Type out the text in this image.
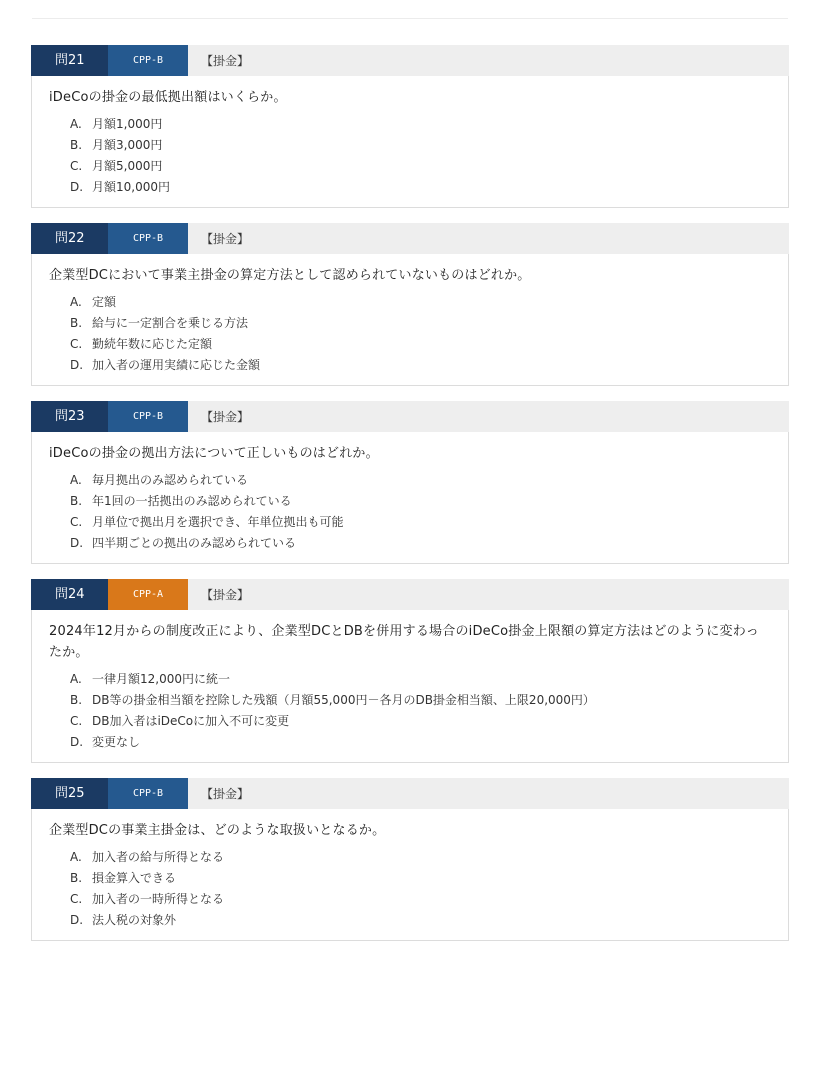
問21	CPP-B	【掛金】

iDeCoの掛金の最低拠出額はいくらか。

A. 月額1,000円
B. 月額3,000円
C. 月額5,000円
D. 月額10,000円
問22	CPP-B	【掛金】

企業型DCにおいて事業主掛金の算定方法として認められていないものはどれか。

A. 定額
B. 給与に一定割合を乗じる方法
C. 勤続年数に応じた定額
D. 加入者の運用実績に応じた金額
問23	CPP-B	【掛金】

iDeCoの掛金の拠出方法について正しいものはどれか。

A. 毎月拠出のみ認められている
B. 年1回の一括拠出のみ認められている
C. 月単位で拠出月を選択でき、年単位拠出も可能
D. 四半期ごとの拠出のみ認められている
問24	CPP-A	【掛金】

2024年12月からの制度改正により、企業型DCとDBを併用する場合のiDeCo掛金上限額の算定方法はどのように変わったか。

A. 一律月額12,000円に統一
B. DB等の掛金相当額を控除した残額（月額55,000円－各月のDB掛金相当額、上限20,000円）
C. DB加入者はiDeCoに加入不可に変更
D. 変更なし
問25	CPP-B	【掛金】

企業型DCの事業主掛金は、どのような取扱いとなるか。

A. 加入者の給与所得となる
B. 損金算入できる
C. 加入者の一時所得となる
D. 法人税の対象外
